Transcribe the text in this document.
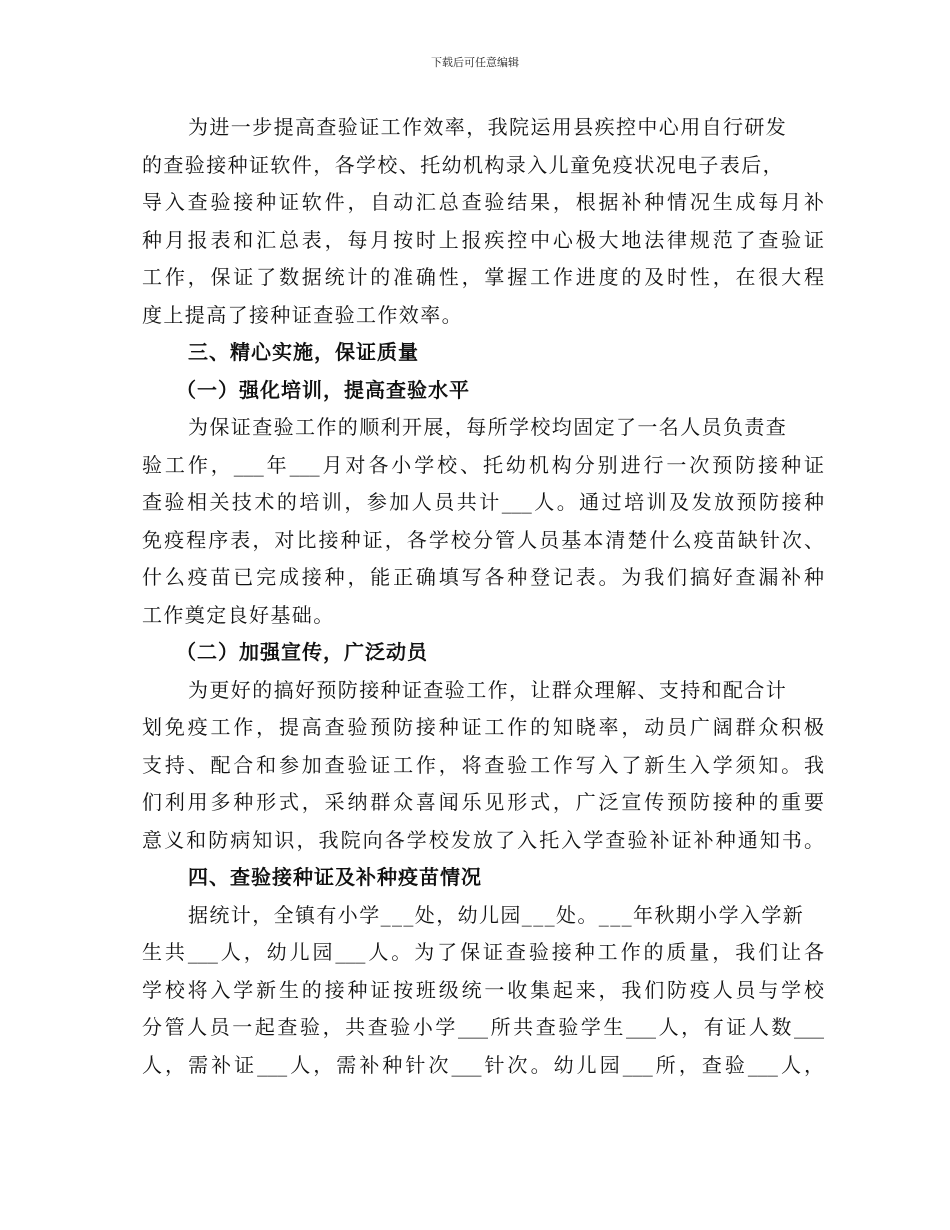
下载后可任意编辑
为进一步提高查验证工作效率，我院运用县疾控中心用自行研发
的查验接种证软件，各学校、托幼机构录入儿童免疫状况电子表后，
导入查验接种证软件，自动汇总查验结果，根据补种情况生成每月补
种月报表和汇总表，每月按时上报疾控中心极大地法律规范了查验证
工作，保证了数据统计的准确性，掌握工作进度的及时性，在很大程
度上提高了接种证查验工作效率。
三、精心实施，保证质量
（一）强化培训，提高查验水平
为保证查验工作的顺利开展，每所学校均固定了一名人员负责查
验工作，___年___月对各小学校、托幼机构分别进行一次预防接种证
查验相关技术的培训，参加人员共计___人。通过培训及发放预防接种
免疫程序表，对比接种证，各学校分管人员基本清楚什么疫苗缺针次、
什么疫苗已完成接种，能正确填写各种登记表。为我们搞好查漏补种
工作奠定良好基础。
（二）加强宣传，广泛动员
为更好的搞好预防接种证查验工作，让群众理解、支持和配合计
划免疫工作，提高查验预防接种证工作的知晓率，动员广阔群众积极
支持、配合和参加查验证工作，将查验工作写入了新生入学须知。我
们利用多种形式，采纳群众喜闻乐见形式，广泛宣传预防接种的重要
意义和防病知识，我院向各学校发放了入托入学查验补证补种通知书。
四、查验接种证及补种疫苗情况
据统计，全镇有小学___处，幼儿园___处。___年秋期小学入学新
生共___人，幼儿园___人。为了保证查验接种工作的质量，我们让各
学校将入学新生的接种证按班级统一收集起来，我们防疫人员与学校
分管人员一起查验，共查验小学___所共查验学生___人，有证人数___
人，需补证___人，需补种针次___针次。幼儿园___所，查验___人，
